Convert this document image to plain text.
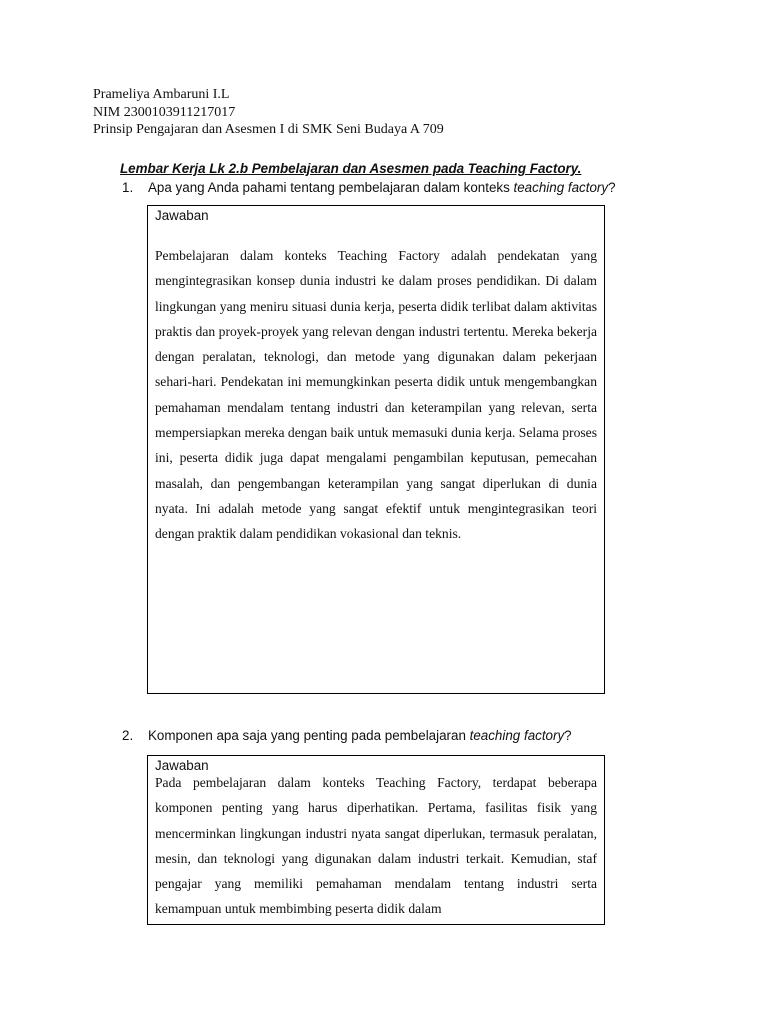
Prameliya Ambaruni I.L
NIM 2300103911217017
Prinsip Pengajaran dan Asesmen I di SMK Seni Budaya A 709
Lembar Kerja Lk 2.b Pembelajaran dan Asesmen pada Teaching Factory.
1. Apa yang Anda pahami tentang pembelajaran dalam konteks teaching factory?
Jawaban

Pembelajaran dalam konteks Teaching Factory adalah pendekatan yang mengintegrasikan konsep dunia industri ke dalam proses pendidikan. Di dalam lingkungan yang meniru situasi dunia kerja, peserta didik terlibat dalam aktivitas praktis dan proyek-proyek yang relevan dengan industri tertentu. Mereka bekerja dengan peralatan, teknologi, dan metode yang digunakan dalam pekerjaan sehari-hari. Pendekatan ini memungkinkan peserta didik untuk mengembangkan pemahaman mendalam tentang industri dan keterampilan yang relevan, serta mempersiapkan mereka dengan baik untuk memasuki dunia kerja. Selama proses ini, peserta didik juga dapat mengalami pengambilan keputusan, pemecahan masalah, dan pengembangan keterampilan yang sangat diperlukan di dunia nyata. Ini adalah metode yang sangat efektif untuk mengintegrasikan teori dengan praktik dalam pendidikan vokasional dan teknis.

2. Komponen apa saja yang penting pada pembelajaran teaching factory?
Jawaban

Pada pembelajaran dalam konteks Teaching Factory, terdapat beberapa komponen penting yang harus diperhatikan. Pertama, fasilitas fisik yang mencerminkan lingkungan industri nyata sangat diperlukan, termasuk peralatan, mesin, dan teknologi yang digunakan dalam industri terkait. Kemudian, staf pengajar yang memiliki pemahaman mendalam tentang industri serta kemampuan untuk membimbing peserta didik dalam
